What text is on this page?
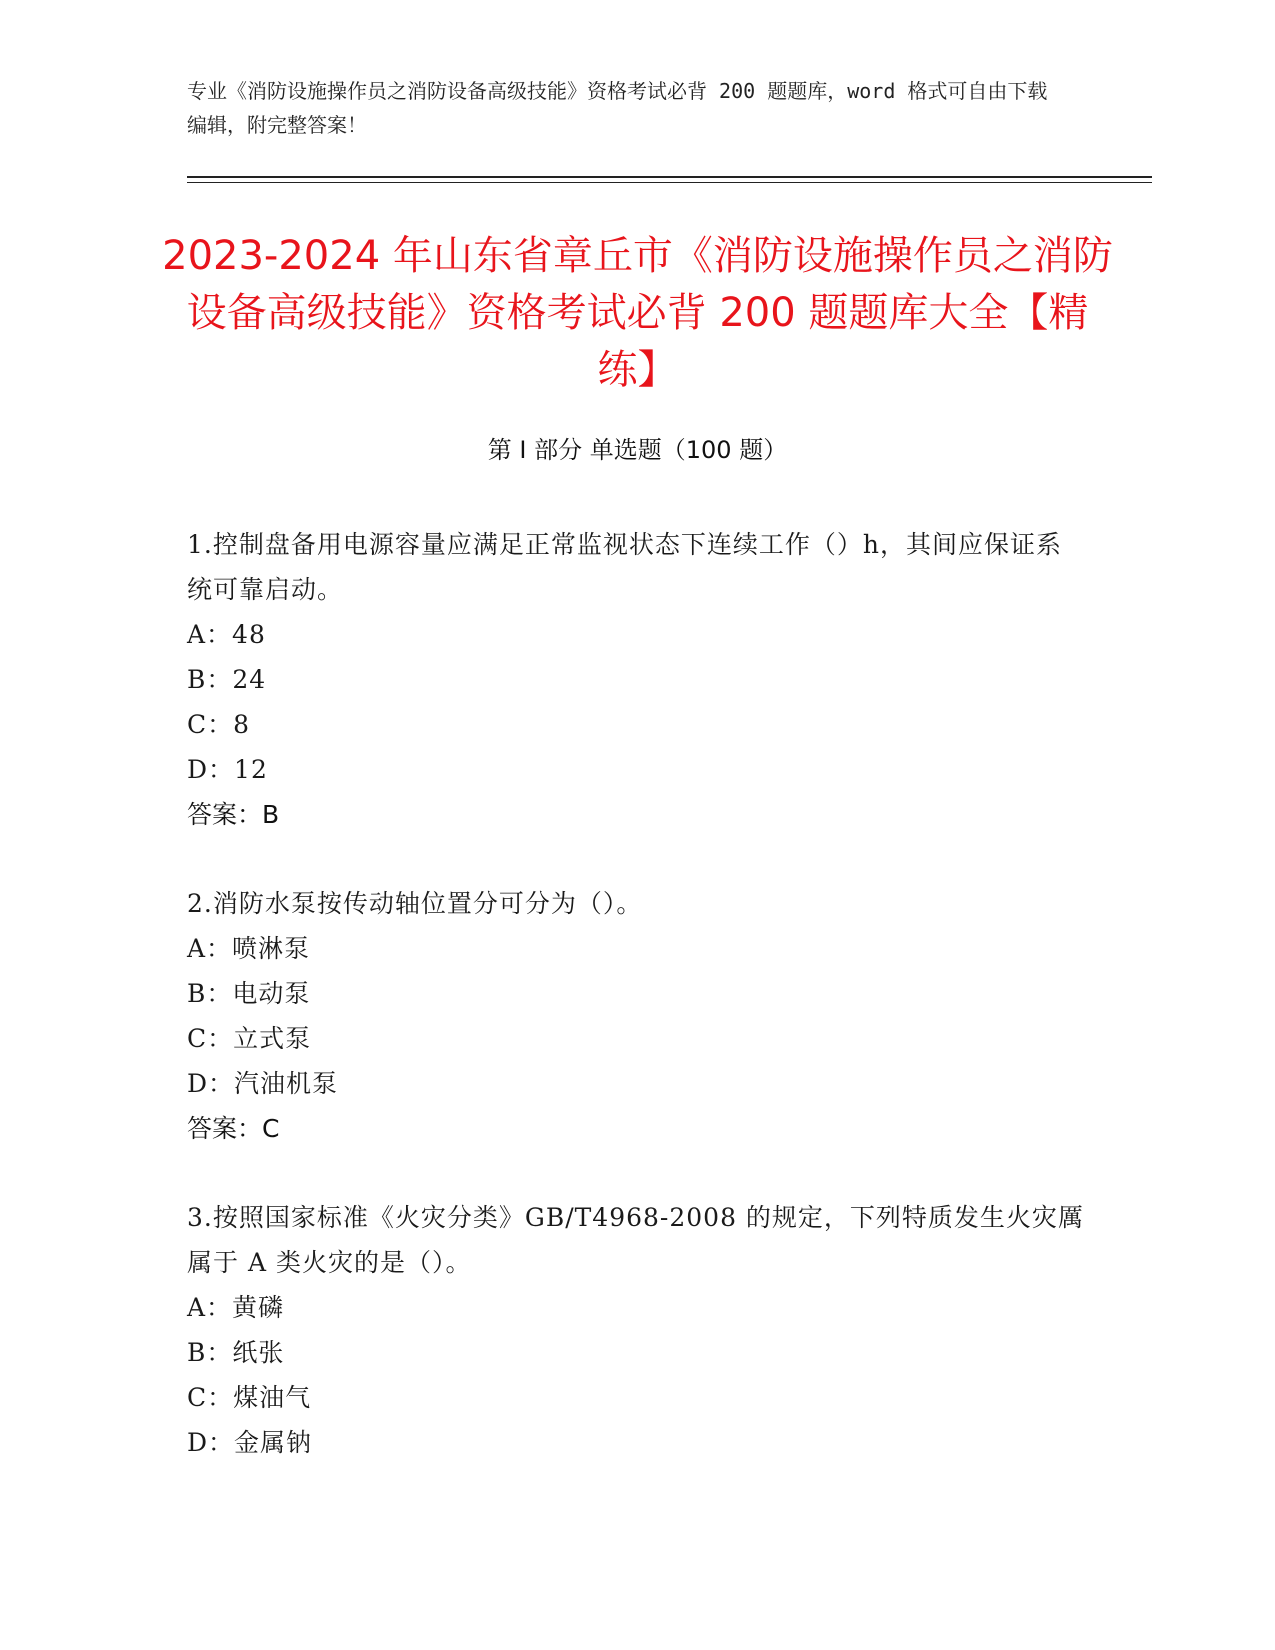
专业《消防设施操作员之消防设备高级技能》资格考试必背 200 题题库，word 格式可自由下载编辑，附完整答案！

2023-2024 年山东省章丘市《消防设施操作员之消防设备高级技能》资格考试必背 200 题题库大全【精练】

第 I 部分 单选题（100 题）

1.控制盘备用电源容量应满足正常监视状态下连续工作（）h，其间应保证系统可靠启动。

A：48

B：24

C：8

D：12

答案：B

2.消防水泵按传动轴位置分可分为（）。

A：喷淋泵

B：电动泵

C：立式泵

D：汽油机泵

答案：C

3.按照国家标准《火灾分类》GB/T4968-2008 的规定，下列特质发生火灾厲属于 A 类火灾的是（）。

A：黄磷

B：纸张

C：煤油气

D：金属钠
